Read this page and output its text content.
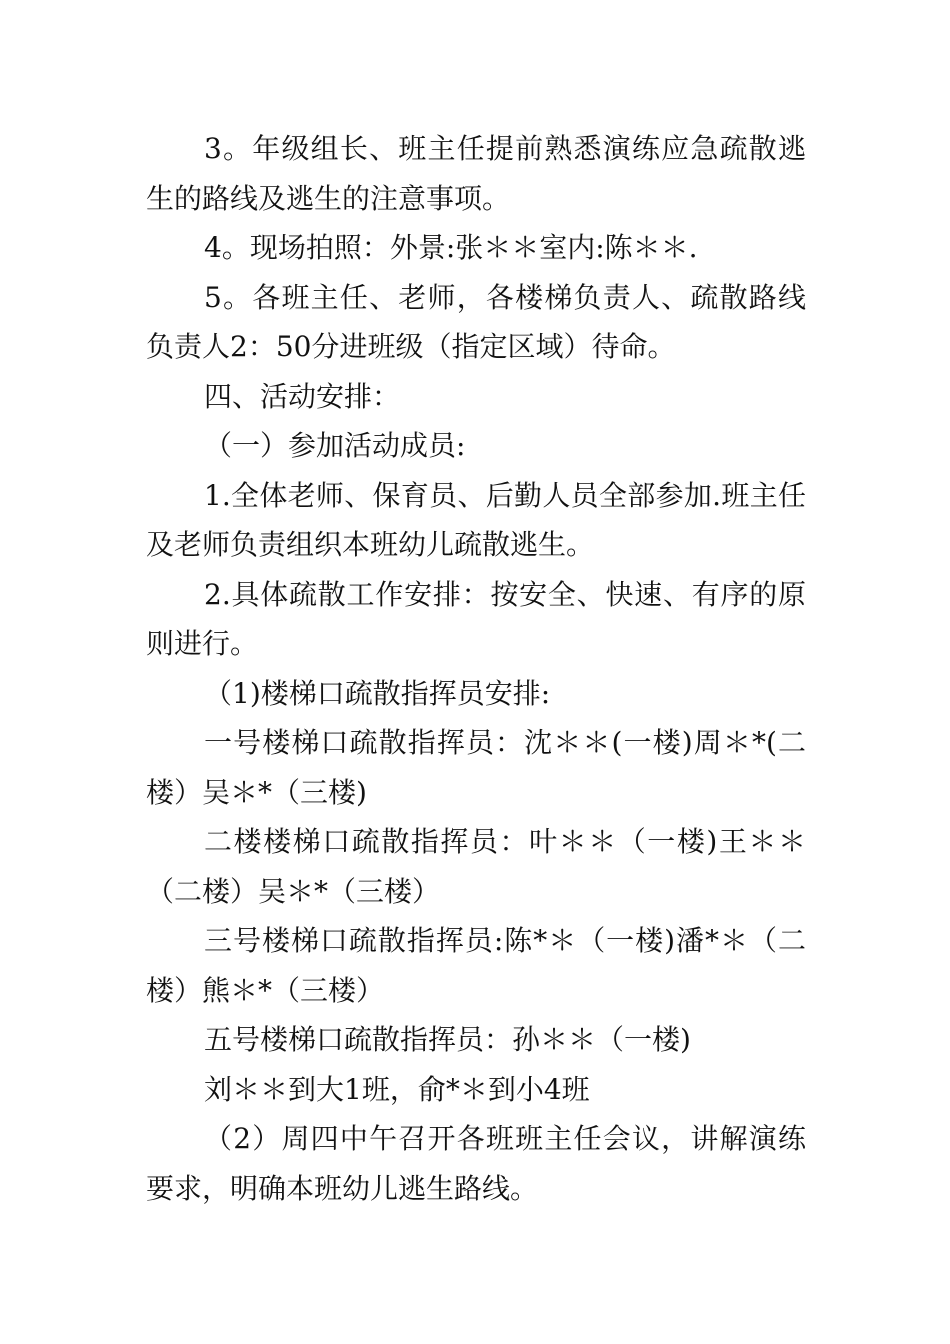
3。年级组长、班主任提前熟悉演练应急疏散逃生的路线及逃生的注意事项。

4。现场拍照：外景:张＊＊室内:陈＊＊.

5。各班主任、老师，各楼梯负责人、疏散路线负责人2：50分进班级（指定区域）待命。

四、活动安排：

（一）参加活动成员:

1.全体老师、保育员、后勤人员全部参加.班主任及老师负责组织本班幼儿疏散逃生。

2.具体疏散工作安排：按安全、快速、有序的原则进行。

（1)楼梯口疏散指挥员安排:

一号楼梯口疏散指挥员：沈＊＊(一楼)周＊*(二楼）吴＊*（三楼)

二楼楼梯口疏散指挥员：叶＊＊（一楼)王＊＊（二楼）吴＊*（三楼）

三号楼梯口疏散指挥员:陈*＊（一楼)潘*＊（二楼）熊＊*（三楼）

五号楼梯口疏散指挥员：孙＊＊（一楼)

刘＊＊到大1班，俞*＊到小4班

（2）周四中午召开各班班主任会议，讲解演练要求，明确本班幼儿逃生路线。
